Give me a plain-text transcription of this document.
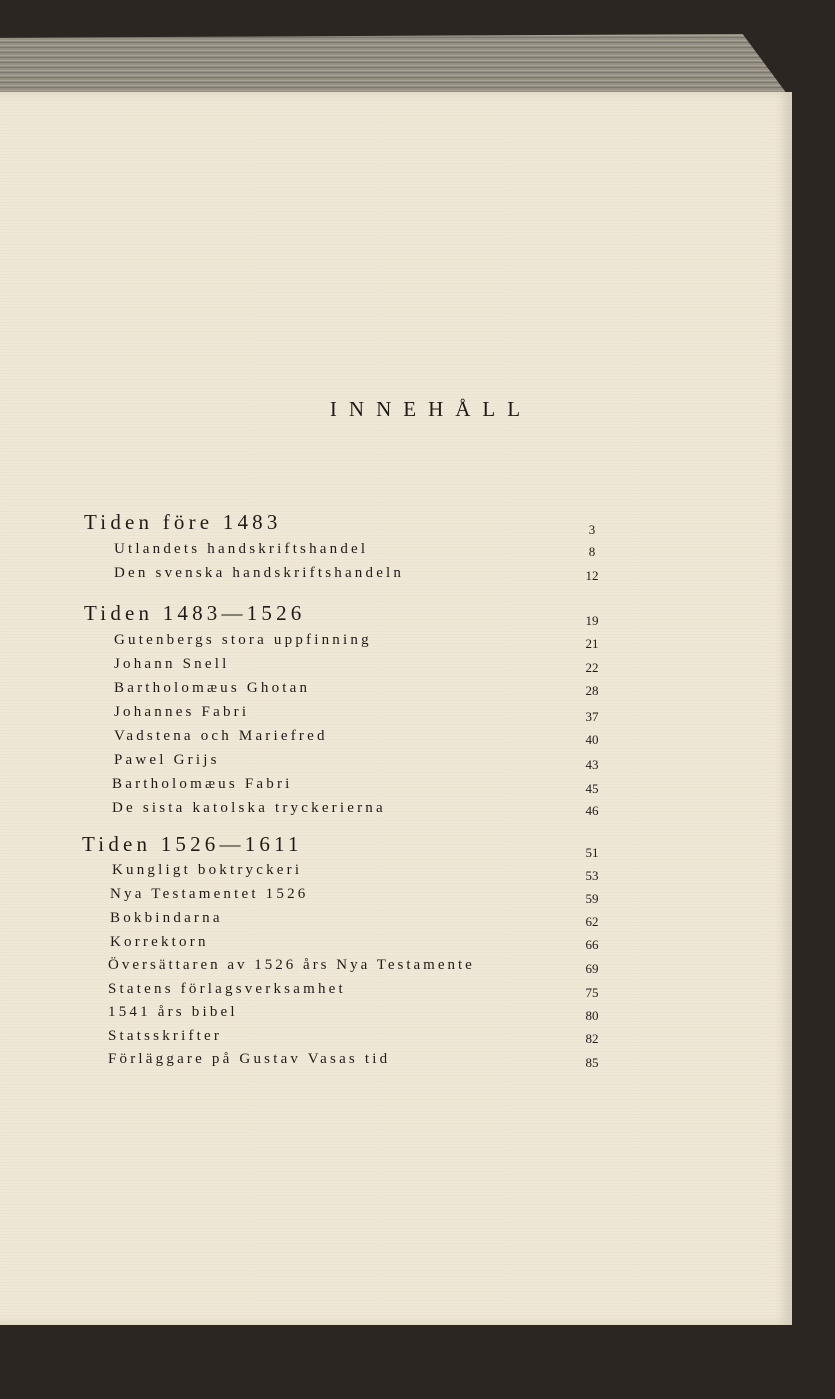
INNEHÅLL
Tiden före 1483	3
Utlandets handskriftshandel	8
Den svenska handskriftshandeln	12
Tiden 1483—1526	19
Gutenbergs stora uppfinning	21
Johann Snell	22
Bartholomæus Ghotan	28
Johannes Fabri	37
Vadstena och Mariefred	40
Pawel Grijs	43
Bartholomæus Fabri	45
De sista katolska tryckerierna	46
Tiden 1526—1611	51
Kungligt boktryckeri	53
Nya Testamentet 1526	59
Bokbindarna	62
Korrektorn	66
Översättaren av 1526 års Nya Testamente	69
Statens förlagsverksamhet	75
1541 års bibel	80
Statsskrifter	82
Förläggare på Gustav Vasas tid	85
